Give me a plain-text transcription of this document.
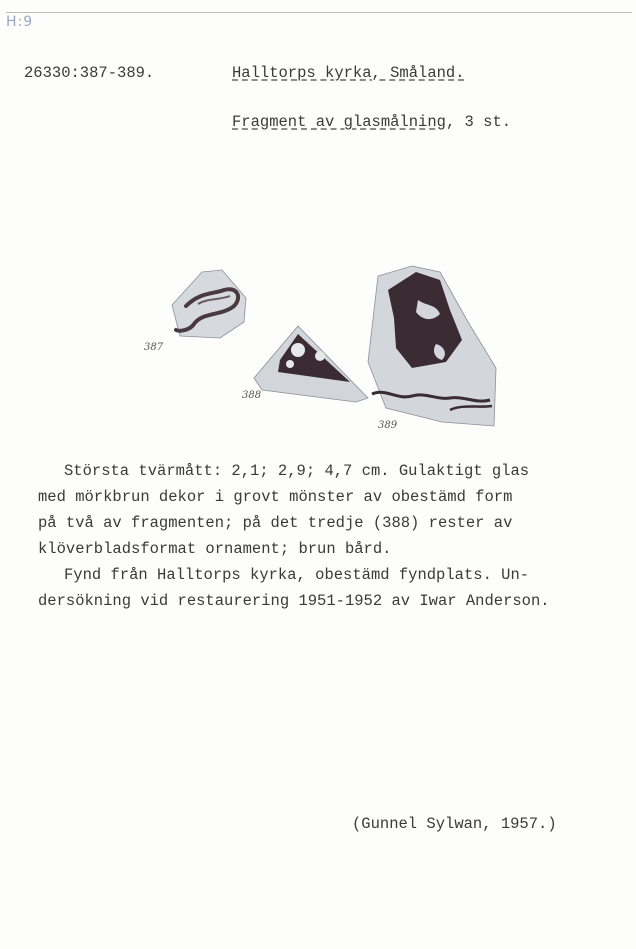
H:9
26330:387-389.	Halltorps kyrka, Småland.
Fragment av glasmålning, 3 st.
387
388
389
Största tvärmått: 2,1; 2,9; 4,7 cm. Gulaktigt glas
med mörkbrun dekor i grovt mönster av obestämd form
på två av fragmenten; på det tredje (388) rester av
klöverbladsformat ornament; brun bård.
Fynd från Halltorps kyrka, obestämd fyndplats. Un-
dersökning vid restaurering 1951-1952 av Iwar Anderson.
(Gunnel Sylwan, 1957.)
